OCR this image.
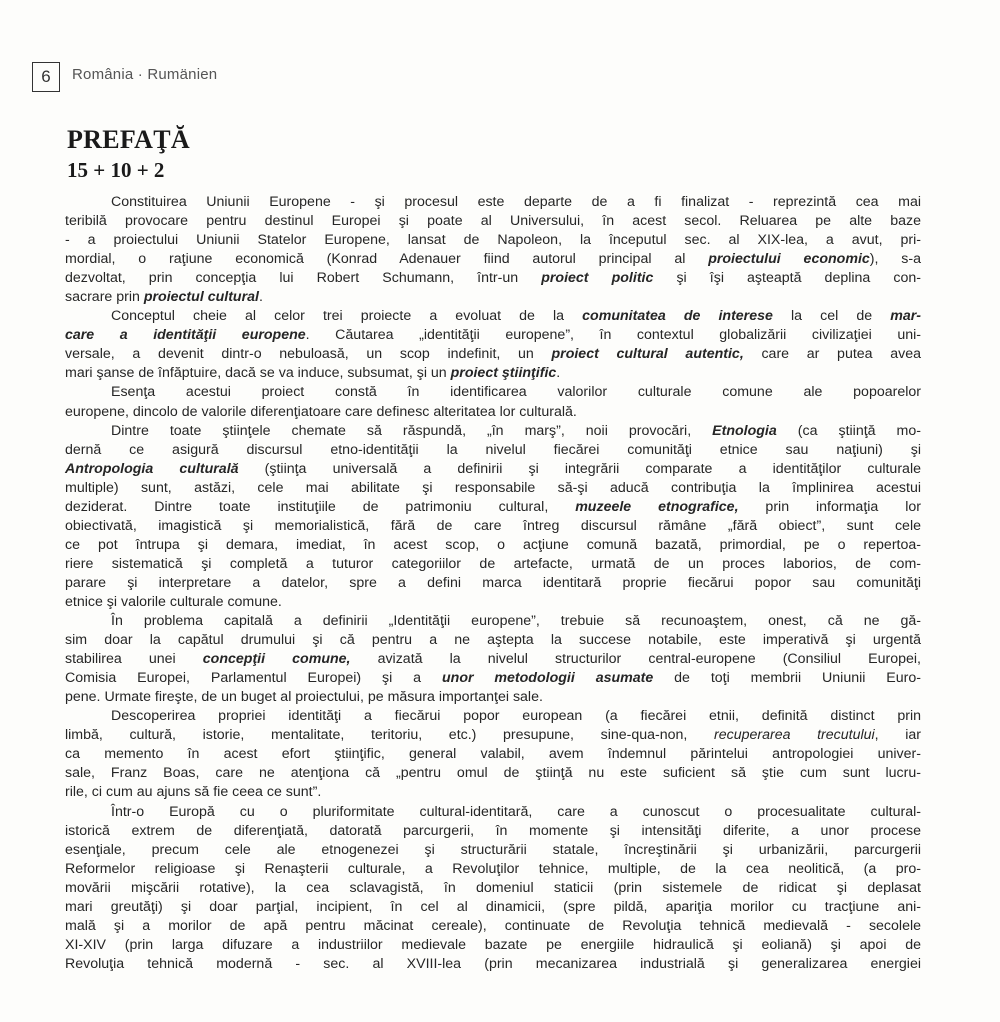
6	România · Rumänien
PREFAŢĂ
15 + 10 + 2
Constituirea Uniunii Europene - şi procesul este departe de a fi finalizat - reprezintă cea mai
teribilă provocare pentru destinul Europei şi poate al Universului, în acest secol. Reluarea pe alte baze
- a proiectului Uniunii Statelor Europene, lansat de Napoleon, la începutul sec. al XIX-lea, a avut, pri-
mordial, o raţiune economică (Konrad Adenauer fiind autorul principal al proiectului economic), s-a
dezvoltat, prin concepţia lui Robert Schumann, într-un proiect politic şi îşi aşteaptă deplina con-
sacrare prin proiectul cultural.
Conceptul cheie al celor trei proiecte a evoluat de la comunitatea de interese la cel de mar-
care a identităţii europene. Căutarea „identităţii europene”, în contextul globalizării civilizaţiei uni-
versale, a devenit dintr-o nebuloasă, un scop indefinit, un proiect cultural autentic, care ar putea avea
mari şanse de înfăptuire, dacă se va induce, subsumat, şi un proiect ştiinţific.
Esenţa acestui proiect constă în identificarea valorilor culturale comune ale popoarelor
europene, dincolo de valorile diferenţiatoare care definesc alteritatea lor culturală.
Dintre toate ştiinţele chemate să răspundă, „în marş”, noii provocări, Etnologia (ca ştiinţă mo-
dernă ce asigură discursul etno-identităţii la nivelul fiecărei comunităţi etnice sau naţiuni) şi
Antropologia culturală (ştiinţa universală a definirii şi integrării comparate a identităţilor culturale
multiple) sunt, astăzi, cele mai abilitate şi responsabile să-şi aducă contribuţia la împlinirea acestui
deziderat. Dintre toate instituţiile de patrimoniu cultural, muzeele etnografice, prin informaţia lor
obiectivată, imagistică şi memorialistică, fără de care întreg discursul rămâne „fără obiect”, sunt cele
ce pot întrupa şi demara, imediat, în acest scop, o acţiune comună bazată, primordial, pe o repertoa-
riere sistematică şi completă a tuturor categoriilor de artefacte, urmată de un proces laborios, de com-
parare şi interpretare a datelor, spre a defini marca identitară proprie fiecărui popor sau comunităţi
etnice şi valorile culturale comune.
În problema capitală a definirii „Identităţii europene”, trebuie să recunoaştem, onest, că ne gă-
sim doar la capătul drumului şi că pentru a ne aştepta la succese notabile, este imperativă şi urgentă
stabilirea unei concepţii comune, avizată la nivelul structurilor central-europene (Consiliul Europei,
Comisia Europei, Parlamentul Europei) şi a unor metodologii asumate de toţi membrii Uniunii Euro-
pene. Urmate fireşte, de un buget al proiectului, pe măsura importanţei sale.
Descoperirea propriei identităţi a fiecărui popor european (a fiecărei etnii, definită distinct prin
limbă, cultură, istorie, mentalitate, teritoriu, etc.) presupune, sine-qua-non, recuperarea trecutului, iar
ca memento în acest efort ştiinţific, general valabil, avem îndemnul părintelui antropologiei univer-
sale, Franz Boas, care ne atenţiona că „pentru omul de ştiinţă nu este suficient să ştie cum sunt lucru-
rile, ci cum au ajuns să fie ceea ce sunt”.
Într-o Europă cu o pluriformitate cultural-identitară, care a cunoscut o procesualitate cultural-
istorică extrem de diferenţiată, datorată parcurgerii, în momente şi intensităţi diferite, a unor procese
esenţiale, precum cele ale etnogenezei şi structurării statale, încreştinării şi urbanizării, parcurgerii
Reformelor religioase şi Renaşterii culturale, a Revoluţilor tehnice, multiple, de la cea neolitică, (a pro-
movării mişcării rotative), la cea sclavagistă, în domeniul staticii (prin sistemele de ridicat şi deplasat
mari greutăţi) şi doar parţial, incipient, în cel al dinamicii, (spre pildă, apariţia morilor cu tracţiune ani-
mală şi a morilor de apă pentru măcinat cereale), continuate de Revoluţia tehnică medievală - secolele
XI-XIV (prin larga difuzare a industriilor medievale bazate pe energiile hidraulică şi eoliană) şi apoi de
Revoluţia tehnică modernă - sec. al XVIII-lea (prin mecanizarea industrială şi generalizarea energiei
